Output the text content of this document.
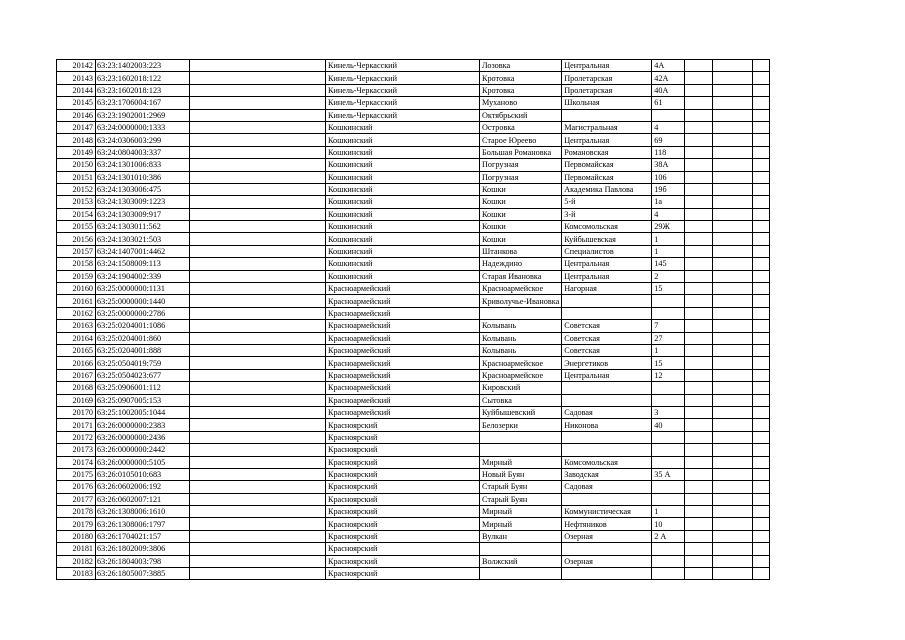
20142	63:23:1402003:223		Кинель-Черкасский	Лозовка	Центральная	4А			
20143	63:23:1602018:122		Кинель-Черкасский	Кротовка	Пролетарская	42А			
20144	63:23:1602018:123		Кинель-Черкасский	Кротовка	Пролетарская	40А			
20145	63:23:1706004:167		Кинель-Черкасский	Муханово	Школьная	61			
20146	63:23:1902001:2969		Кинель-Черкасский	Октябрьский					
20147	63:24:0000000:1333		Кошкинский	Островка	Магистральная	4			
20148	63:24:0306003:299		Кошкинский	Старое Юреево	Центральная	69			
20149	63:24:0804003:337		Кошкинский	Большая Романовка	Романовская	118			
20150	63:24:1301006:833		Кошкинский	Погрузная	Первомайская	38А			
20151	63:24:1301010:386		Кошкинский	Погрузная	Первомайская	106			
20152	63:24:1303006:475		Кошкинский	Кошки	Академика Павлова	19б			
20153	63:24:1303009:1223		Кошкинский	Кошки	5-й	1а			
20154	63:24:1303009:917		Кошкинский	Кошки	3-й	4			
20155	63:24:1303011:562		Кошкинский	Кошки	Комсомольская	29Ж			
20156	63:24:1303021:503		Кошкинский	Кошки	Куйбышевская	1			
20157	63:24:1407001:4462		Кошкинский	Штанкова	Специалистов	1			
20158	63:24:1508009:113		Кошкинский	Надеждино	Центральная	145			
20159	63:24:1904002:339		Кошкинский	Старая Ивановка	Центральная	2			
20160	63:25:0000000:1131		Красноармейский	Красноармейское	Нагорная	15			
20161	63:25:0000000:1440		Красноармейский	Криволучье-Ивановка					
20162	63:25:0000000:2786		Красноармейский						
20163	63:25:0204001:1086		Красноармейский	Колывань	Советская	7			
20164	63:25:0204001:860		Красноармейский	Колывань	Советская	27			
20165	63:25:0204001:888		Красноармейский	Колывань	Советская	1			
20166	63:25:0504019:759		Красноармейский	Красноармейское	Энергетиков	15			
20167	63:25:0504023:677		Красноармейский	Красноармейское	Центральная	12			
20168	63:25:0906001:112		Красноармейский	Кировский					
20169	63:25:0907005:153		Красноармейский	Сытовка					
20170	63:25:1002005:1044		Красноармейский	Куйбышевский	Садовая	3			
20171	63:26:0000000:2383		Красноярский	Белозерки	Никонова	40			
20172	63:26:0000000:2436		Красноярский						
20173	63:26:0000000:2442		Красноярский						
20174	63:26:0000000:5105		Красноярский	Мирный	Комсомольская				
20175	63:26:0105010:683		Красноярский	Новый Буян	Заводская	35 А			
20176	63:26:0602006:192		Красноярский	Старый Буян	Садовая				
20177	63:26:0602007:121		Красноярский	Старый Буян					
20178	63:26:1308006:1610		Красноярский	Мирный	Коммунистическая	1			
20179	63:26:1308006:1797		Красноярский	Мирный	Нефтяников	10			
20180	63:26:1704021:157		Красноярский	Вулкан	Озерная	2 А			
20181	63:26:1802009:3806		Красноярский						
20182	63:26:1804003:798		Красноярский	Волжский	Озерная				
20183	63:26:1805007:3885		Красноярский						
